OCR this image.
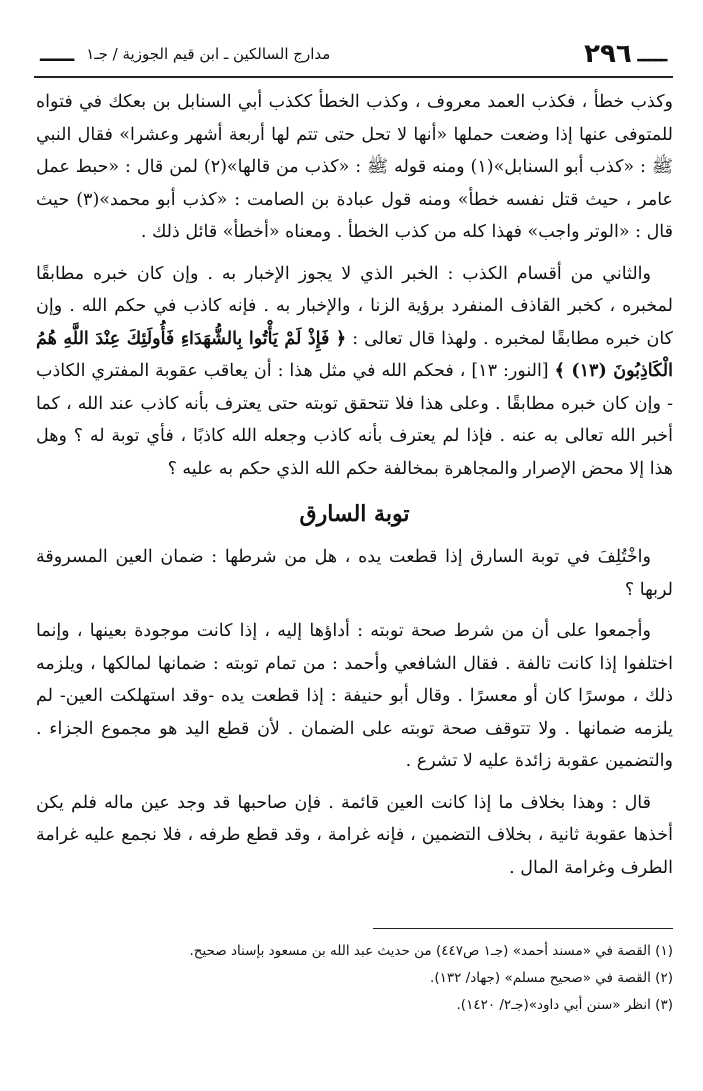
ـــــ
٢٩٦
مدارج السالكين ـ ابن قيم الجوزية / جـ١
ـــــ

وكذب خطأ ، فكذب العمد معروف ، وكذب الخطأ ككذب أبي السنابل بن بعكك في فتواه للمتوفى عنها إذا وضعت حملها «أنها لا تحل حتى تتم لها أربعة أشهر وعشرا» فقال النبي ﷺ : «كذب أبو السنابل»(١) ومنه قوله ﷺ : «كذب من قالها»(٢) لمن قال : «حبط عمل عامر ، حيث قتل نفسه خطأ» ومنه قول عبادة بن الصامت : «كذب أبو محمد»(٣) حيث قال : «الوتر واجب» فهذا كله من كذب الخطأ . ومعناه «أخطأ» قائل ذلك .

والثاني من أقسام الكذب : الخبر الذي لا يجوز الإخبار به . وإن كان خبره مطابقًا لمخبره ، كخبر القاذف المنفرد برؤية الزنا ، والإخبار به . فإنه كاذب في حكم الله . وإن كان خبره مطابقًا لمخبره . ولهذا قال تعالى : ﴿ فَإِذْ لَمْ يَأْتُوا بِالشُّهَدَاءِ فَأُولَئِكَ عِنْدَ اللَّهِ هُمُ الْكَاذِبُونَ (١٣) ﴾ [النور: ١٣] ، فحكم الله في مثل هذا : أن يعاقب عقوبة المفتري الكاذب - وإن كان خبره مطابقًا . وعلى هذا فلا تتحقق توبته حتى يعترف بأنه كاذب عند الله ، كما أخبر الله تعالى به عنه . فإذا لم يعترف بأنه كاذب وجعله الله كاذبًا ، فأي توبة له ؟ وهل هذا إلا محض الإصرار والمجاهرة بمخالفة حكم الله الذي حكم به عليه ؟

توبة السارق

واخْتُلِفَ في توبة السارق إذا قطعت يده ، هل من شرطها : ضمان العين المسروقة لربها ؟

وأجمعوا على أن من شرط صحة توبته : أداؤها إليه ، إذا كانت موجودة بعينها ، وإنما اختلفوا إذا كانت تالفة . فقال الشافعي وأحمد : من تمام توبته : ضمانها لمالكها ، ويلزمه ذلك ، موسرًا كان أو معسرًا . وقال أبو حنيفة : إذا قطعت يده -وقد استهلكت العين- لم يلزمه ضمانها . ولا تتوقف صحة توبته على الضمان . لأن قطع اليد هو مجموع الجزاء . والتضمين عقوبة زائدة عليه لا تشرع .

قال : وهذا بخلاف ما إذا كانت العين قائمة . فإن صاحبها قد وجد عين ماله فلم يكن أخذها عقوبة ثانية ، بخلاف التضمين ، فإنه غرامة ، وقد قطع طرفه ، فلا نجمع عليه غرامة الطرف وغرامة المال .

(١) القصة في «مسند أحمد» (جـ١ ص٤٤٧) من حديث عبد الله بن مسعود بإسناد صحيح.

(٢) القصة في «صحيح مسلم» (جهاد/ ١٣٢).

(٣) انظر «سنن أبي داود»(جـ٢/ ١٤٢٠).
